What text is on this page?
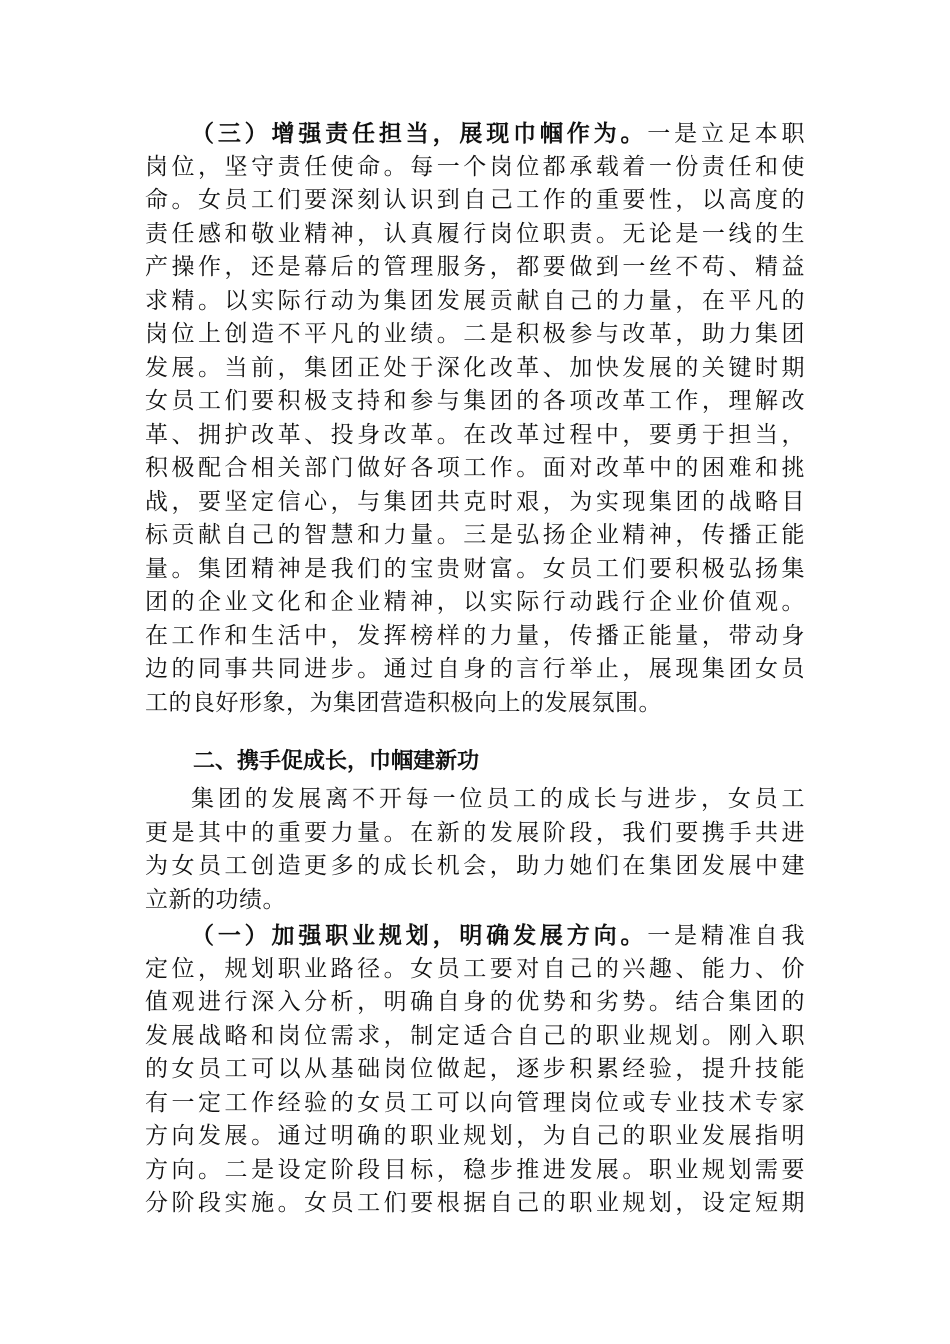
（三）增强责任担当，展现巾帼作为。一是立足本职
岗位，坚守责任使命。每一个岗位都承载着一份责任和使
命。女员工们要深刻认识到自己工作的重要性，以高度的
责任感和敬业精神，认真履行岗位职责。无论是一线的生
产操作，还是幕后的管理服务，都要做到一丝不苟、精益
求精。以实际行动为集团发展贡献自己的力量，在平凡的
岗位上创造不平凡的业绩。二是积极参与改革，助力集团
发展。当前，集团正处于深化改革、加快发展的关键时期
女员工们要积极支持和参与集团的各项改革工作，理解改
革、拥护改革、投身改革。在改革过程中，要勇于担当，
积极配合相关部门做好各项工作。面对改革中的困难和挑
战，要坚定信心，与集团共克时艰，为实现集团的战略目
标贡献自己的智慧和力量。三是弘扬企业精神，传播正能
量。集团精神是我们的宝贵财富。女员工们要积极弘扬集
团的企业文化和企业精神，以实际行动践行企业价值观。
在工作和生活中，发挥榜样的力量，传播正能量，带动身
边的同事共同进步。通过自身的言行举止，展现集团女员
工的良好形象，为集团营造积极向上的发展氛围。
二、携手促成长，巾帼建新功
集团的发展离不开每一位员工的成长与进步，女员工
更是其中的重要力量。在新的发展阶段，我们要携手共进
为女员工创造更多的成长机会，助力她们在集团发展中建
立新的功绩。
（一）加强职业规划，明确发展方向。一是精准自我
定位，规划职业路径。女员工要对自己的兴趣、能力、价
值观进行深入分析，明确自身的优势和劣势。结合集团的
发展战略和岗位需求，制定适合自己的职业规划。刚入职
的女员工可以从基础岗位做起，逐步积累经验，提升技能
有一定工作经验的女员工可以向管理岗位或专业技术专家
方向发展。通过明确的职业规划，为自己的职业发展指明
方向。二是设定阶段目标，稳步推进发展。职业规划需要
分阶段实施。女员工们要根据自己的职业规划，设定短期
